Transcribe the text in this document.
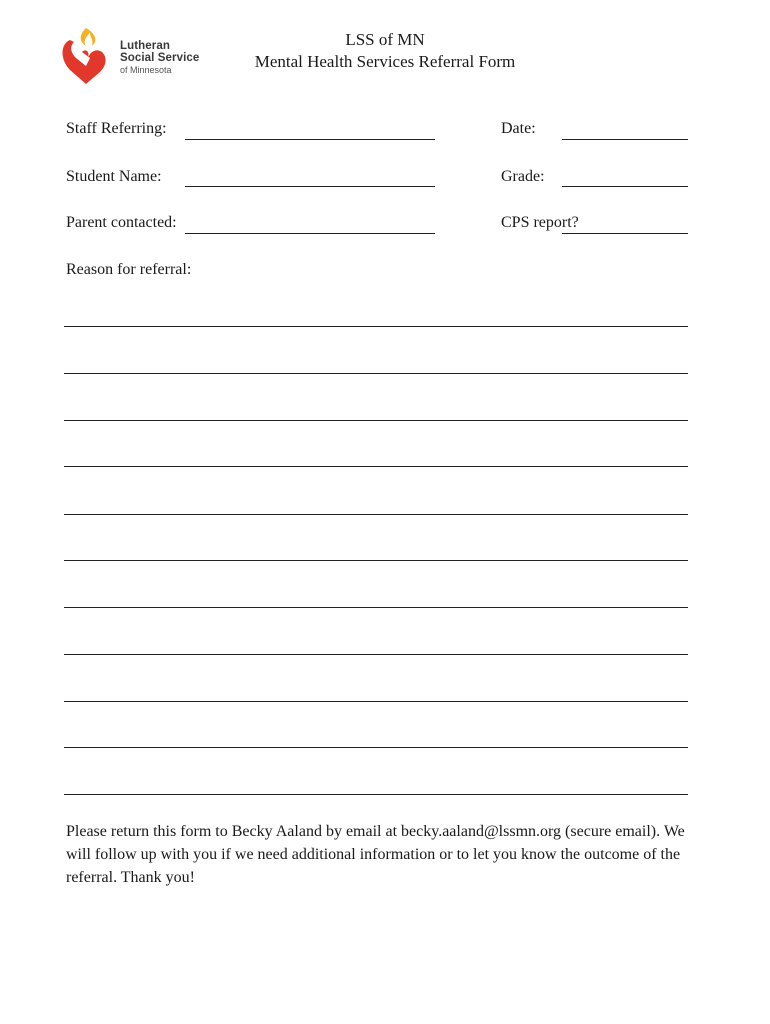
Lutheran
Social Service
of Minnesota
LSS of MN
Mental Health Services Referral Form
Staff Referring:	Date:
Student Name:	Grade:
Parent contacted:	CPS report?
Reason for referral:
Please return this form to Becky Aaland by email at becky.aaland@lssmn.org (secure email). We will follow up with you if we need additional information or to let you know the outcome of the referral. Thank you!
